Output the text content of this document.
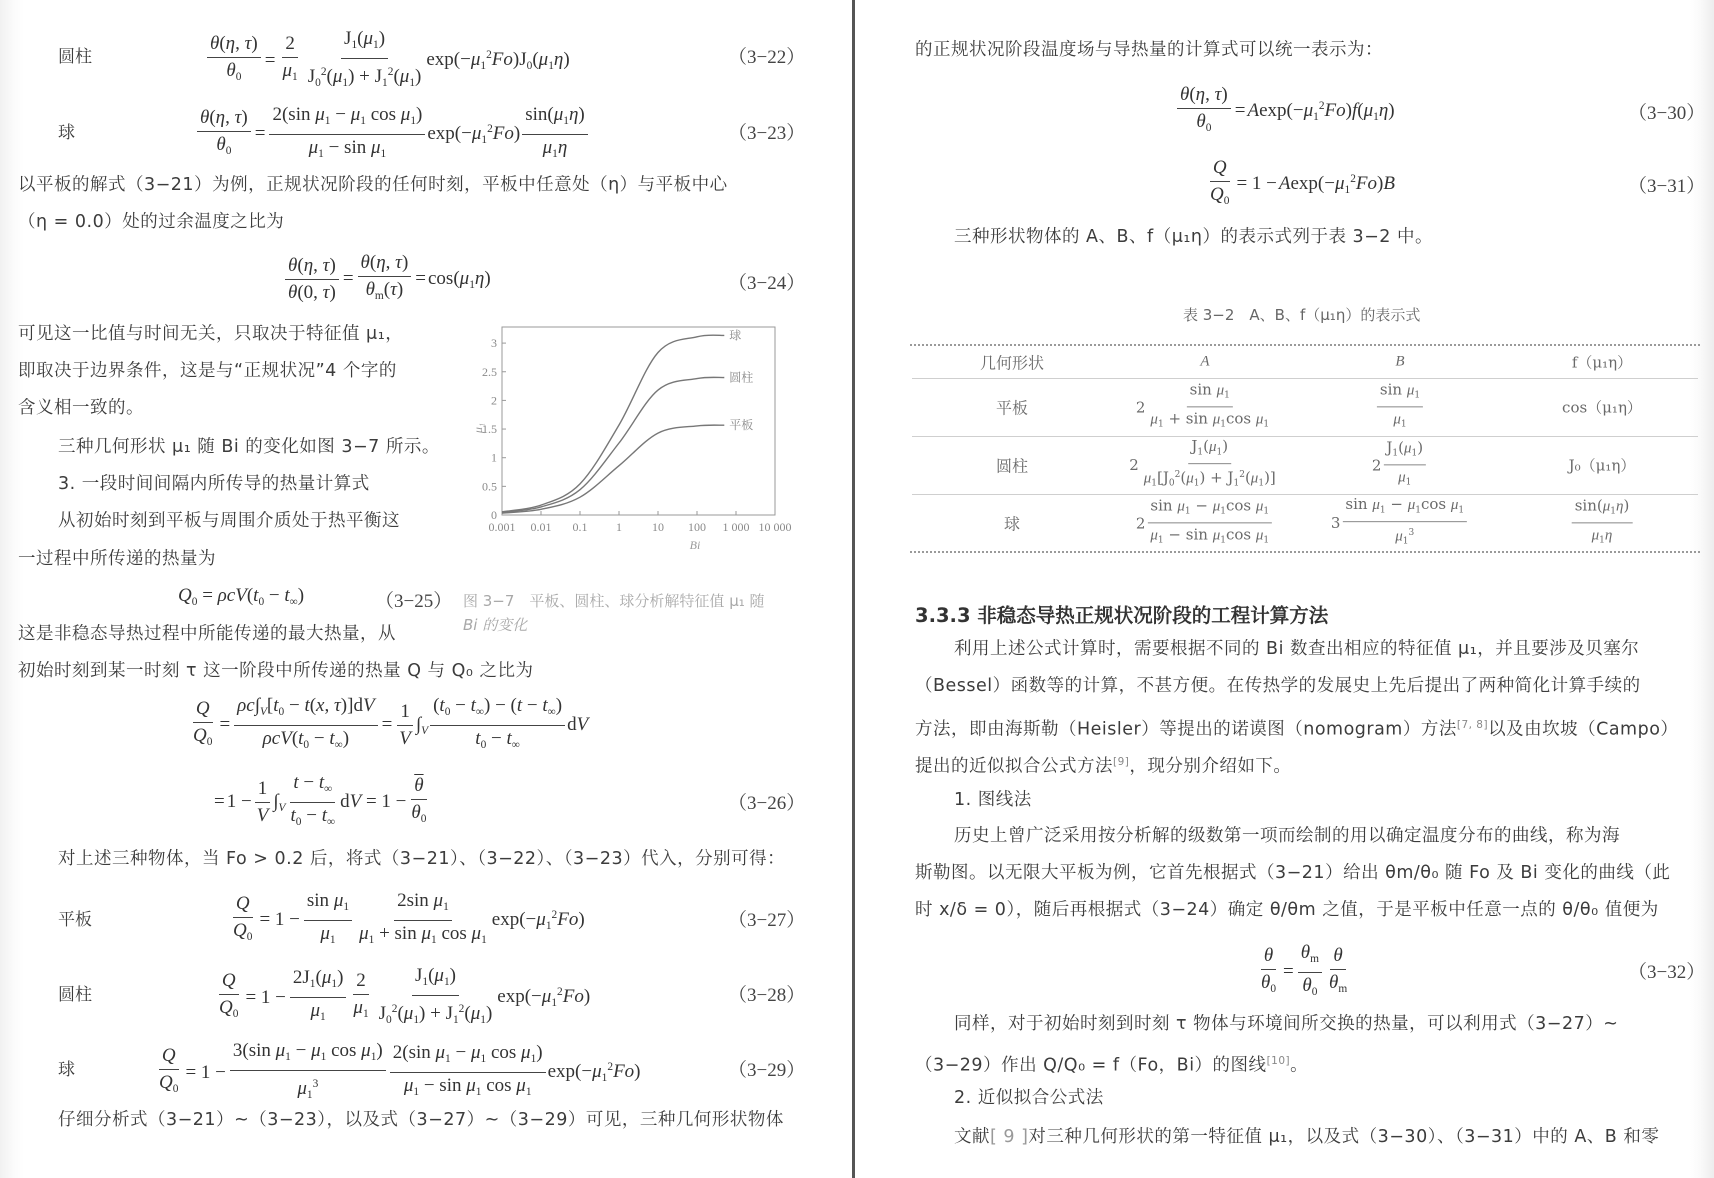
圆柱	$\frac{\theta(\eta, \tau)}{\theta_0} = \frac{2}{\mu_1} \frac{J_1(\mu_1)}{J_0^2(\mu_1) + J_1^2(\mu_1)} \exp(-\mu_1^2Fo)J_0(\mu_1\eta)$	（3−22）
球	$\frac{\theta(\eta, \tau)}{\theta_0} = \frac{2(\sin \mu_1 - \mu_1 \cos \mu_1)}{\mu_1 - \sin \mu_1} \exp(-\mu_1^2Fo) \frac{\sin(\mu_1\eta)}{\mu_1\eta}$	（3−23）
以平板的解式（3−21）为例，正规状况阶段的任何时刻，平板中任意处（η）与平板中心
（η = 0.0）处的过余温度之比为
$\frac{\theta(\eta, \tau)}{\theta(0, \tau)} = \frac{\theta(\eta, \tau)}{\theta_m(\tau)} = \cos(\mu_1\eta)$	（3−24）
可见这一比值与时间无关，只取决于特征值 μ₁，
即取决于边界条件，这是与“正规状况”4 个字的
含义相一致的。
三种几何形状 μ₁ 随 Bi 的变化如图 3−7 所示。
3. 一段时间间隔内所传导的热量计算式
从初始时刻到平板与周围介质处于热平衡这
一过程中所传递的热量为
$Q_0 = \rho cV(t_0 - t_\infty)$	（3−25）
0
0.5
1
1.5
2
2.5
3
0.001 0.01 0.1 1	10 100 1 000 10 000
球
圆柱
平板
Bi
μ₁
图 3−7　平板、圆柱、球分析解特征值 μ₁ 随
Bi 的变化
这是非稳态导热过程中所能传递的最大热量，从
初始时刻到某一时刻 τ 这一阶段中所传递的热量 Q 与 Q₀ 之比为
$\frac{Q}{Q_0} = \frac{\rho c\int_V[t_0 - t(x, \tau)]dV}{\rho cV(t_0 - t_\infty)} = \frac{1}{V} \int_V \frac{(t_0 - t_\infty) - (t - t_\infty)}{t_0 - t_\infty}$ dV
= $1 - \frac{1}{V} \int_V \frac{t - t_\infty}{t_0 - t_\infty}$ dV = $1 - \frac{\overline{\theta}}{\theta_0}$	（3−26）
对上述三种物体，当 Fo > 0.2 后，将式（3−21）、（3−22）、（3−23）代入，分别可得：
平板	$\frac{Q}{Q_0} = 1 - \frac{\sin \mu_1}{\mu_1} \frac{2\sin \mu_1}{\mu_1 + \sin \mu_1 \cos \mu_1} \exp(-\mu_1^2Fo)$	（3−27）
圆柱	$\frac{Q}{Q_0} = 1 - \frac{2J_1(\mu_1)}{\mu_1} \frac{2}{\mu_1} \frac{J_1(\mu_1)}{J_0^2(\mu_1) + J_1^2(\mu_1)} \exp(-\mu_1^2Fo)$	（3−28）
球	$\frac{Q}{Q_0} = 1 - \frac{3(\sin \mu_1 - \mu_1 \cos \mu_1)}{\mu_1^3} \frac{2(\sin \mu_1 - \mu_1 \cos \mu_1)}{\mu_1 - \sin \mu_1 \cos \mu_1} \exp(-\mu_1^2Fo)$	（3−29）
仔细分析式（3−21）~（3−23），以及式（3−27）~（3−29）可见，三种几何形状物体
的正规状况阶段温度场与导热量的计算式可以统一表示为：
$\frac{\theta(\eta, \tau)}{\theta_0} = Aexp(-\mu_1^2Fo)f(\mu_1\eta)$	（3−30）
$\frac{Q}{Q_0} = 1 - Aexp(-\mu_1^2Fo)B$	（3−31）
三种形状物体的 A、B、f（μ₁η）的表示式列于表 3−2 中。
表 3−2　A、B、f（μ₁η）的表示式
几何形状	A	B	f（μ₁η）
平板	$2 \frac{\sin \mu_1}{\mu_1 + \sin \mu_1\cos \mu_1}$	$\frac{\sin \mu_1}{\mu_1}$	cos（μ₁η）
圆柱	$2 \frac{J_1(\mu_1)}{\mu_1[J_0^2(\mu_1) + J_1^2(\mu_1)]}$	$2 \frac{J_1(\mu_1)}{\mu_1}$	J₀（μ₁η）
球	$2 \frac{\sin \mu_1 - \mu_1\cos \mu_1}{\mu_1 - \sin \mu_1\cos \mu_1}$	$3 \frac{\sin \mu_1 - \mu_1\cos \mu_1}{\mu_1^3}$	$\frac{\sin(\mu_1\eta)}{\mu_1\eta}$
3.3.3 非稳态导热正规状况阶段的工程计算方法
利用上述公式计算时，需要根据不同的 Bi 数查出相应的特征值 μ₁，并且要涉及贝塞尔
（Bessel）函数等的计算，不甚方便。在传热学的发展史上先后提出了两种简化计算手续的
方法，即由海斯勒（Heisler）等提出的诺谟图（nomogram）方法[7, 8]以及由坎坡（Campo）
提出的近似拟合公式方法[9]，现分别介绍如下。
1. 图线法
历史上曾广泛采用按分析解的级数第一项而绘制的用以确定温度分布的曲线，称为海
斯勒图。以无限大平板为例，它首先根据式（3−21）给出 θm/θ₀ 随 Fo 及 Bi 变化的曲线（此
时 x/δ = 0），随后再根据式（3−24）确定 θ/θm 之值，于是平板中任意一点的 θ/θ₀ 值便为
$\frac{\theta}{\theta_0} = \frac{\theta_m}{\theta_0} \frac{\theta}{\theta_m}$	（3−32）
同样，对于初始时刻到时刻 τ 物体与环境间所交换的热量，可以利用式（3−27）~
（3−29）作出 Q/Q₀ = f（Fo，Bi）的图线[10]。
2. 近似拟合公式法
文献[ 9 ]对三种几何形状的第一特征值 μ₁，以及式（3−30）、（3−31）中的 A、B 和零
